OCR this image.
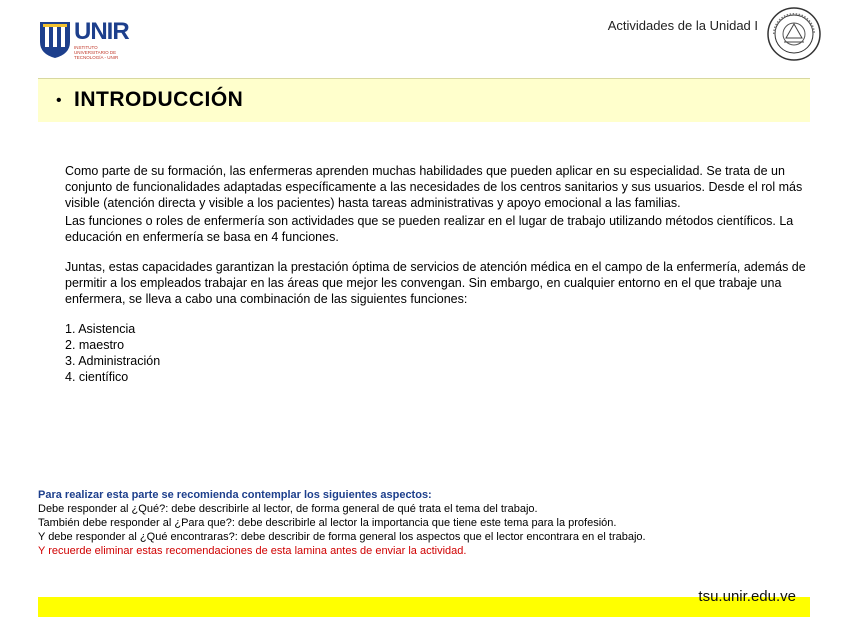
UNIR
INSTITUTO UNIVERSITARIO DE TECNOLOGÍA - UNIR
Actividades de la Unidad I
• INTRODUCCIÓN

Como parte de su formación, las enfermeras aprenden muchas habilidades que pueden aplicar en su especialidad. Se trata de un conjunto de funcionalidades adaptadas específicamente a las necesidades de los centros sanitarios y sus usuarios. Desde el rol más visible (atención directa y visible a los pacientes) hasta tareas administrativas y apoyo emocional a las familias.

Las funciones o roles de enfermería son actividades que se pueden realizar en el lugar de trabajo utilizando métodos científicos. La educación en enfermería se basa en 4 funciones.

Juntas, estas capacidades garantizan la prestación óptima de servicios de atención médica en el campo de la enfermería, además de permitir a los empleados trabajar en las áreas que mejor les convengan. Sin embargo, en cualquier entorno en el que trabaje una enfermera, se lleva a cabo una combinación de las siguientes funciones:

1. Asistencia
2. maestro
3. Administración
4. científico
Para realizar esta parte se recomienda contemplar los siguientes aspectos:
Debe responder al ¿Qué?: debe describirle al lector, de forma general de qué trata el tema del trabajo.
También debe responder al ¿Para que?: debe describirle al lector la importancia que tiene este tema para la profesión.
Y debe responder al ¿Qué encontraras?: debe describir de forma general los aspectos que el lector encontrara en el trabajo.
Y recuerde eliminar estas recomendaciones de esta lamina antes de enviar la actividad.
tsu.unir.edu.ve
